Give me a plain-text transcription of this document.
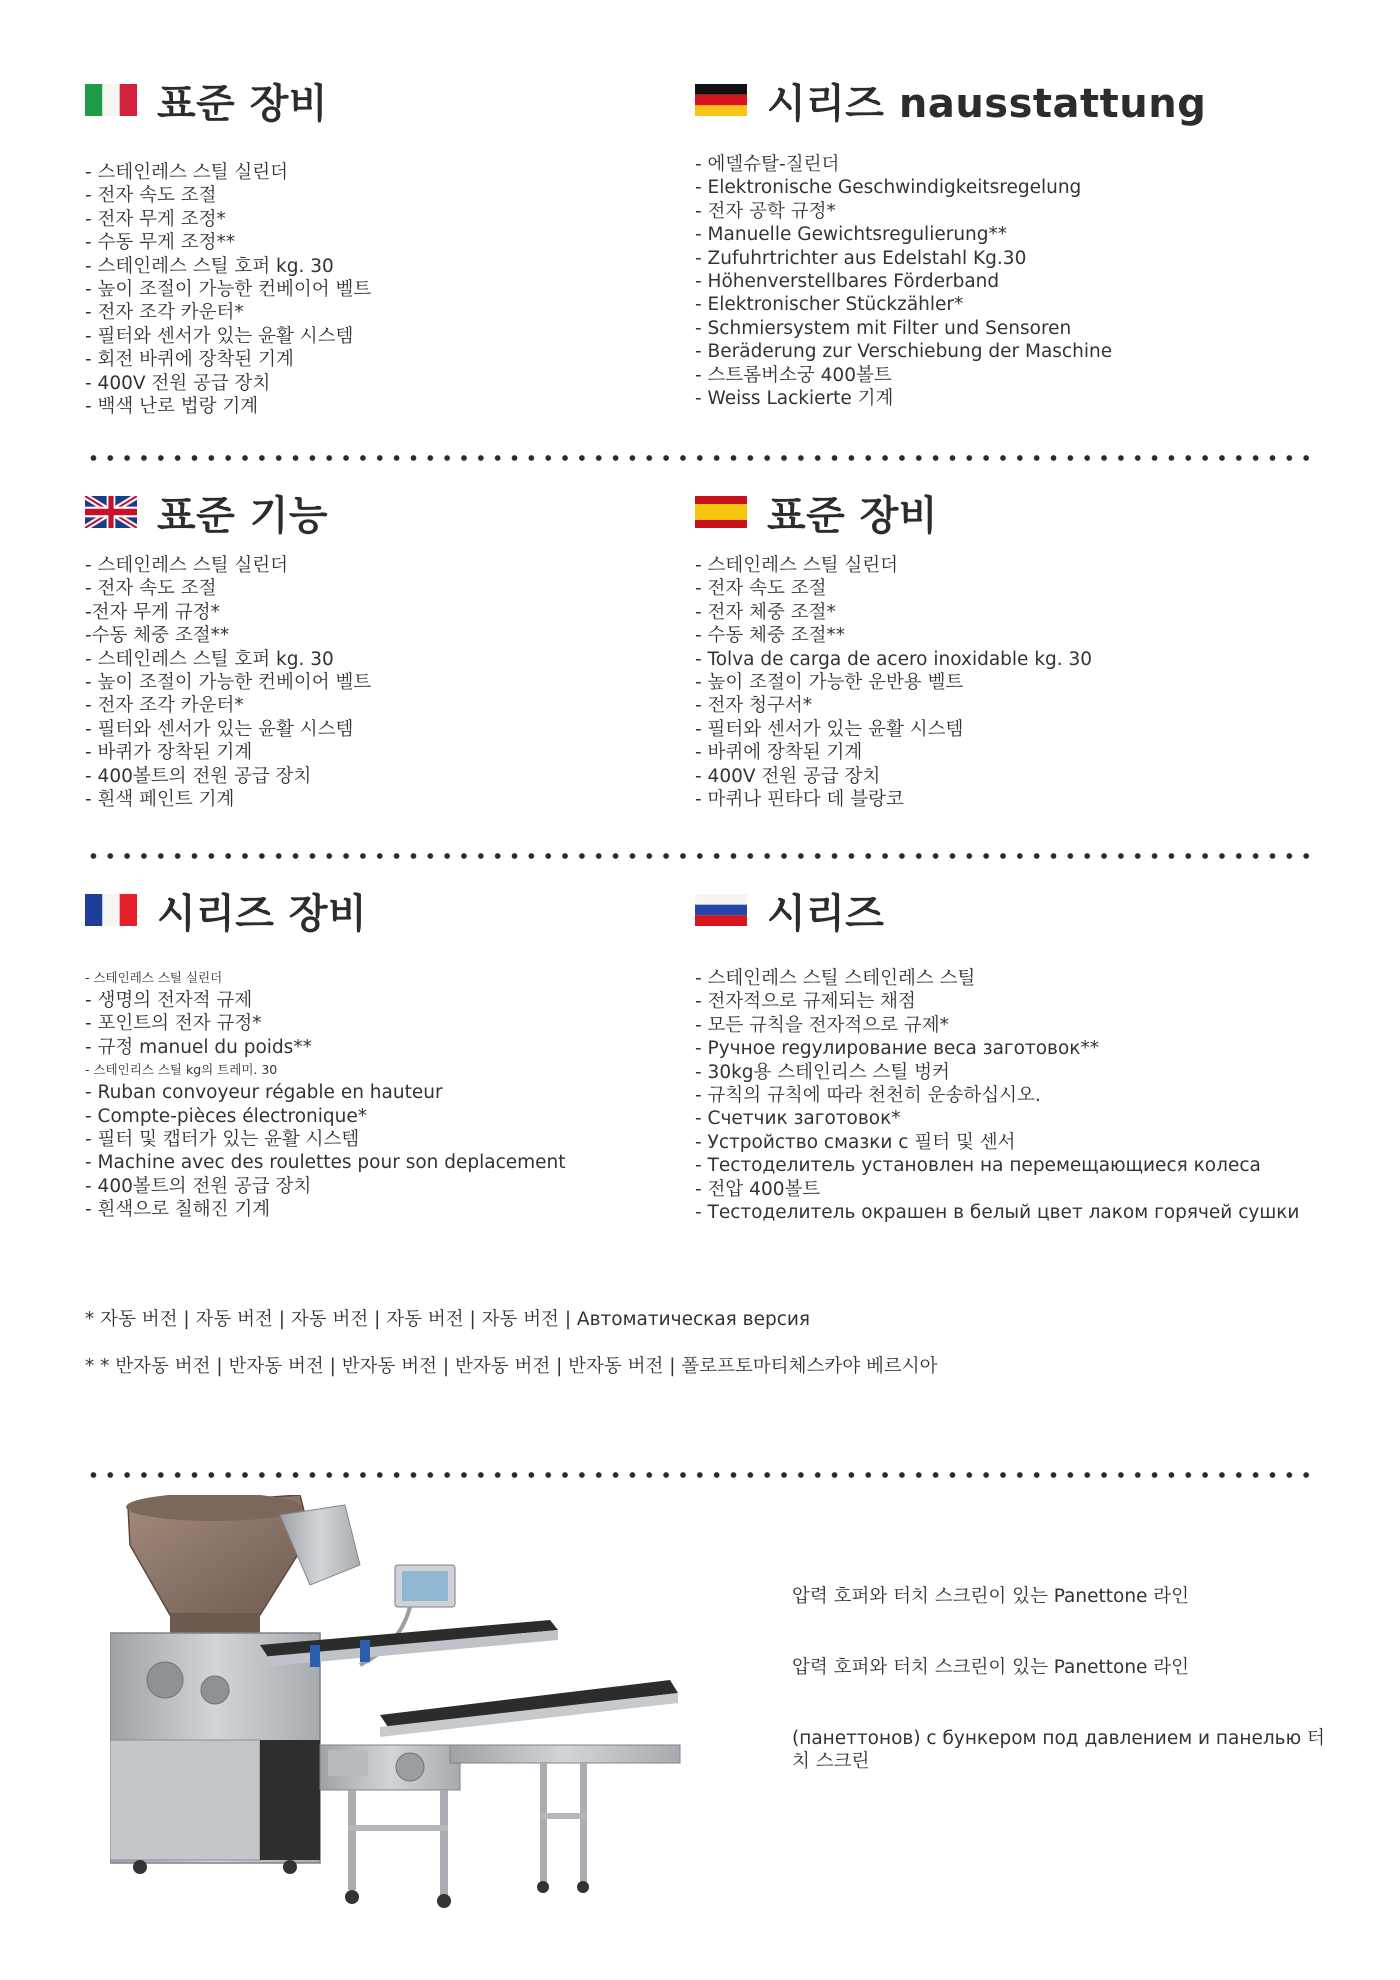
표준 장비
- 스테인레스 스틸 실린더
- 전자 속도 조절
- 전자 무게 조정*
- 수동 무게 조정**
- 스테인레스 스틸 호퍼 kg. 30
- 높이 조절이 가능한 컨베이어 벨트
- 전자 조각 카운터*
- 필터와 센서가 있는 윤활 시스템
- 회전 바퀴에 장착된 기계
- 400V 전원 공급 장치
- 백색 난로 법랑 기계
시리즈 nausstattung
- 에델슈탈-질린더
- Elektronische Geschwindigkeitsregelung
- 전자 공학 규정*
- Manuelle Gewichtsregulierung**
- Zufuhrtrichter aus Edelstahl Kg.30
- Höhenverstellbares Förderband
- Elektronischer Stückzähler*
- Schmiersystem mit Filter und Sensoren
- Beräderung zur Verschiebung der Maschine
- 스트롬버소궁 400볼트
- Weiss Lackierte 기계
표준 기능
- 스테인레스 스틸 실린더
- 전자 속도 조절
-전자 무게 규정*
-수동 체중 조절**
- 스테인레스 스틸 호퍼 kg. 30
- 높이 조절이 가능한 컨베이어 벨트
- 전자 조각 카운터*
- 필터와 센서가 있는 윤활 시스템
- 바퀴가 장착된 기계
- 400볼트의 전원 공급 장치
- 흰색 페인트 기계
표준 장비
- 스테인레스 스틸 실린더
- 전자 속도 조절
- 전자 체중 조절*
- 수동 체중 조절**
- Tolva de carga de acero inoxidable kg. 30
- 높이 조절이 가능한 운반용 벨트
- 전자 청구서*
- 필터와 센서가 있는 윤활 시스템
- 바퀴에 장착된 기계
- 400V 전원 공급 장치
- 마퀴나 핀타다 데 블랑코
시리즈 장비
- 스테인레스 스틸 실린더
- 생명의 전자적 규제
- 포인트의 전자 규정*
- 규정 manuel du poids**
- 스테인리스 스틸 kg의 트레미. 30
- Ruban convoyeur régable en hauteur
- Compte-pièces électronique*
- 필터 및 캡터가 있는 윤활 시스템
- Machine avec des roulettes pour son deplacement
- 400볼트의 전원 공급 장치
- 흰색으로 칠해진 기계
시리즈
- 스테인레스 스틸 스테인레스 스틸
- 전자적으로 규제되는 채점
- 모든 규칙을 전자적으로 규제*
- Ручное regулирование веса заготовок**
- 30kg용 스테인리스 스틸 벙커
- 규칙의 규칙에 따라 천천히 운송하십시오.
- Счетчик заготовок*
- Устройство смазки с 필터 및 센서
- Тестоделитель установлен на перемещающиеся колеса
- 전압 400볼트
- Тестоделитель окрашен в белый цвет лаком горячей сушки
* 자동 버전 | 자동 버전 | 자동 버전 | 자동 버전 | 자동 버전 | Автоматическая версия
* * 반자동 버전 | 반자동 버전 | 반자동 버전 | 반자동 버전 | 반자동 버전 | 폴로프토마티체스카야 베르시아
압력 호퍼와 터치 스크린이 있는 Panettone 라인
압력 호퍼와 터치 스크린이 있는 Panettone 라인
(панеттонов) с бункером под давлением и панелью 터치 스크린
